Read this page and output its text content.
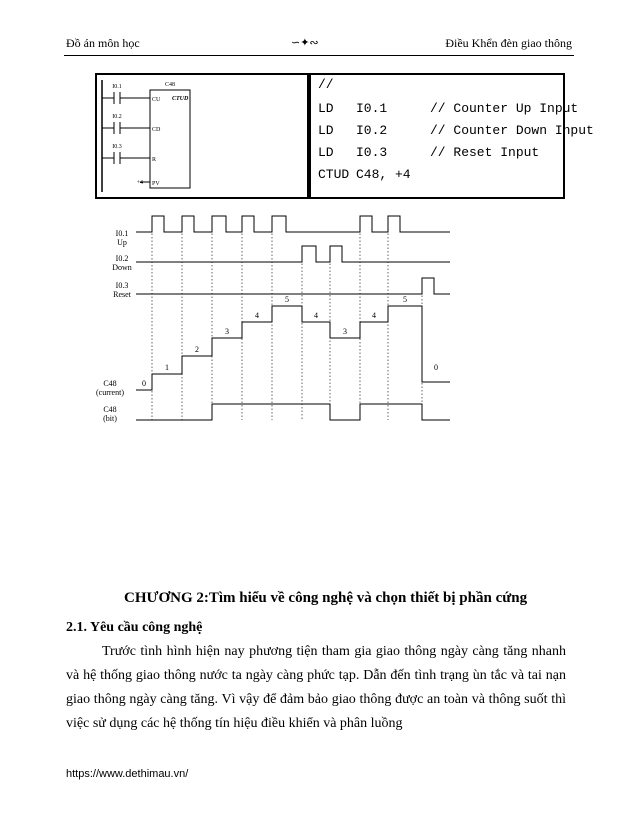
Đồ án môn học	∽✦∾	Điều Khển đèn giao thông
I0.1
I0.2
I0.3
+4
C48
CTUD
CU
CD
R
PV
//
LD I0.1	// Counter Up Input
LD I0.2	// Counter Down Input
LD I0.3	// Reset Input
CTUD C48, +4
I0.1
Up
I0.2
Down
I0.3
Reset
C48
(current)
C48
(bit)
0
1
2
3
4
5
4
3
4
5
0
CHƯƠNG 2:Tìm hiểu về công nghệ và chọn thiết bị phần cứng
2.1. Yêu cầu công nghệ

Trước tình hình hiện nay phương tiện tham gia giao thông ngày càng tăng nhanh và hệ thống giao thông nước ta ngày càng phức tạp. Dẫn đến tình trạng ùn tắc và tai nạn giao thông ngày càng tăng. Vì vậy để đảm bảo giao thông được an toàn và thông suốt thì việc sử dụng các hệ thống tín hiệu điều khiển và phân luồng

https://www.dethimau.vn/
